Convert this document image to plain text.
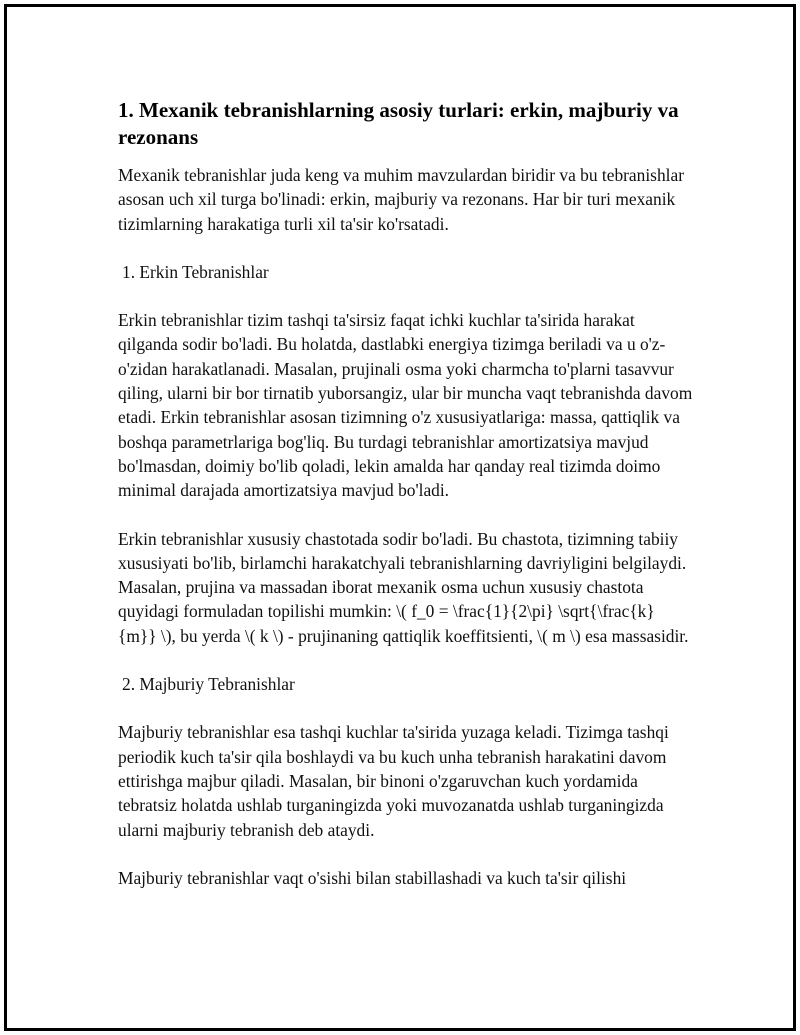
1. Mexanik tebranishlarning asosiy turlari: erkin, majburiy va rezonans

Mexanik tebranishlar juda keng va muhim mavzulardan biridir va bu tebranishlar asosan uch xil turga bo'linadi: erkin, majburiy va rezonans. Har bir turi mexanik tizimlarning harakatiga turli xil ta'sir ko'rsatadi.

1. Erkin Tebranishlar

Erkin tebranishlar tizim tashqi ta'sirsiz faqat ichki kuchlar ta'sirida harakat qilganda sodir bo'ladi. Bu holatda, dastlabki energiya tizimga beriladi va u o'z-o'zidan harakatlanadi. Masalan, prujinali osma yoki charmcha to'plarni tasavvur qiling, ularni bir bor tirnatib yuborsangiz, ular bir muncha vaqt tebranishda davom etadi. Erkin tebranishlar asosan tizimning o'z xususiyatlariga: massa, qattiqlik va boshqa parametrlariga bog'liq. Bu turdagi tebranishlar amortizatsiya mavjud bo'lmasdan, doimiy bo'lib qoladi, lekin amalda har qanday real tizimda doimo minimal darajada amortizatsiya mavjud bo'ladi.

Erkin tebranishlar xususiy chastotada sodir bo'ladi. Bu chastota, tizimning tabiiy xususiyati bo'lib, birlamchi harakatchyali tebranishlarning davriyligini belgilaydi. Masalan, prujina va massadan iborat mexanik osma uchun xususiy chastota quyidagi formuladan topilishi mumkin: \( f_0 = \frac{1}{2\pi} \sqrt{\frac{k}{m}} \), bu yerda \( k \) - prujinaning qattiqlik koeffitsienti, \( m \) esa massasidir.

2. Majburiy Tebranishlar

Majburiy tebranishlar esa tashqi kuchlar ta'sirida yuzaga keladi. Tizimga tashqi periodik kuch ta'sir qila boshlaydi va bu kuch unha tebranish harakatini davom ettirishga majbur qiladi. Masalan, bir binoni o'zgaruvchan kuch yordamida tebratsiz holatda ushlab turganingizda yoki muvozanatda ushlab turganingizda ularni majburiy tebranish deb ataydi.

Majburiy tebranishlar vaqt o'sishi bilan stabillashadi va kuch ta'sir qilishi
